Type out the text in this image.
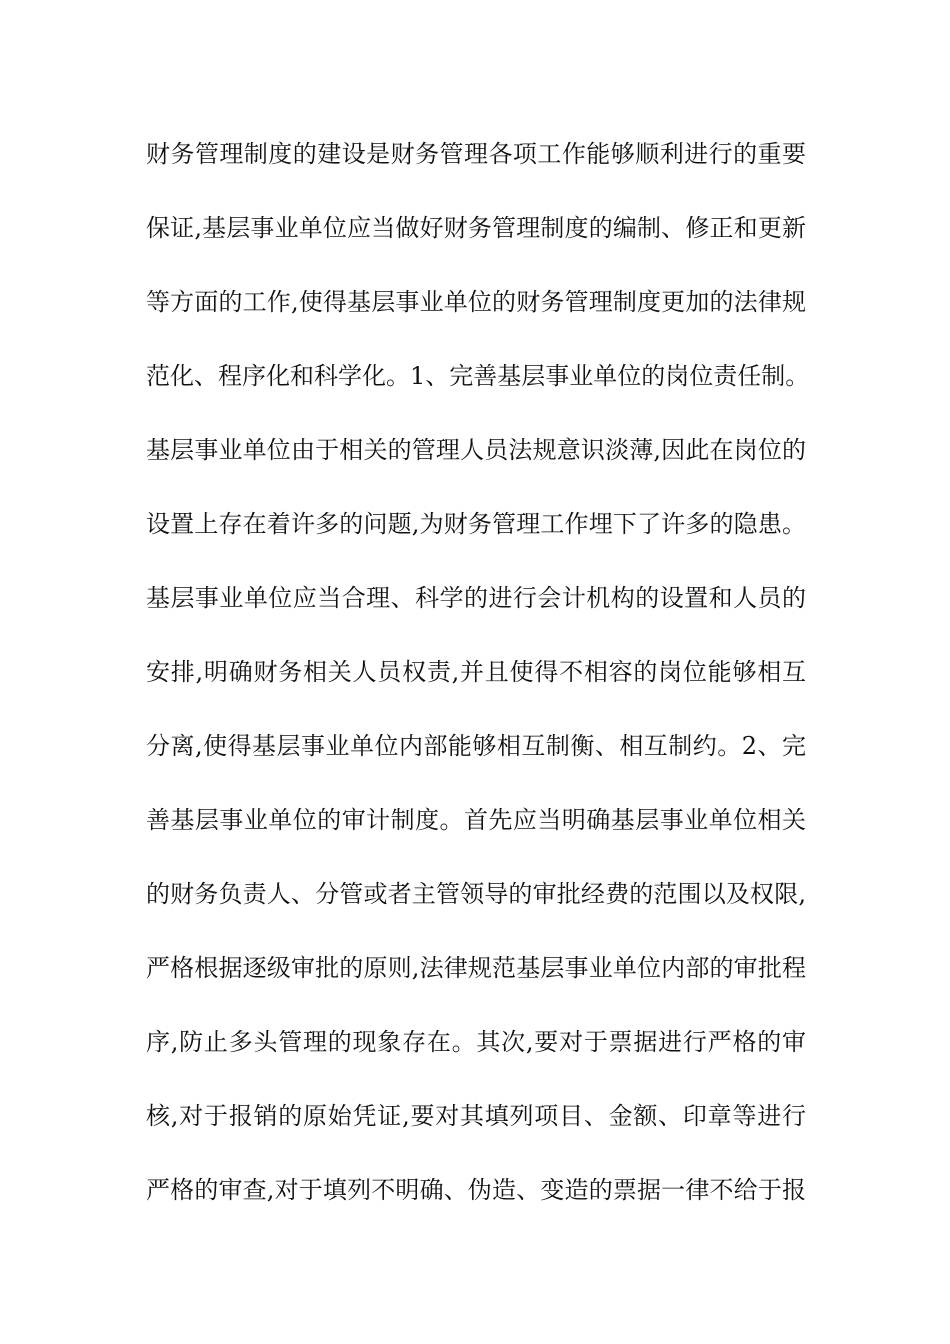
财务管理制度的建设是财务管理各项工作能够顺利进行的重要
保证,基层事业单位应当做好财务管理制度的编制、修正和更新
等方面的工作,使得基层事业单位的财务管理制度更加的法律规
范化、程序化和科学化。1、完善基层事业单位的岗位责任制。
基层事业单位由于相关的管理人员法规意识淡薄,因此在岗位的
设置上存在着许多的问题,为财务管理工作埋下了许多的隐患。
基层事业单位应当合理、科学的进行会计机构的设置和人员的
安排,明确财务相关人员权责,并且使得不相容的岗位能够相互
分离,使得基层事业单位内部能够相互制衡、相互制约。2、完
善基层事业单位的审计制度。首先应当明确基层事业单位相关
的财务负责人、分管或者主管领导的审批经费的范围以及权限,
严格根据逐级审批的原则,法律规范基层事业单位内部的审批程
序,防止多头管理的现象存在。其次,要对于票据进行严格的审
核,对于报销的原始凭证,要对其填列项目、金额、印章等进行
严格的审查,对于填列不明确、伪造、变造的票据一律不给于报
